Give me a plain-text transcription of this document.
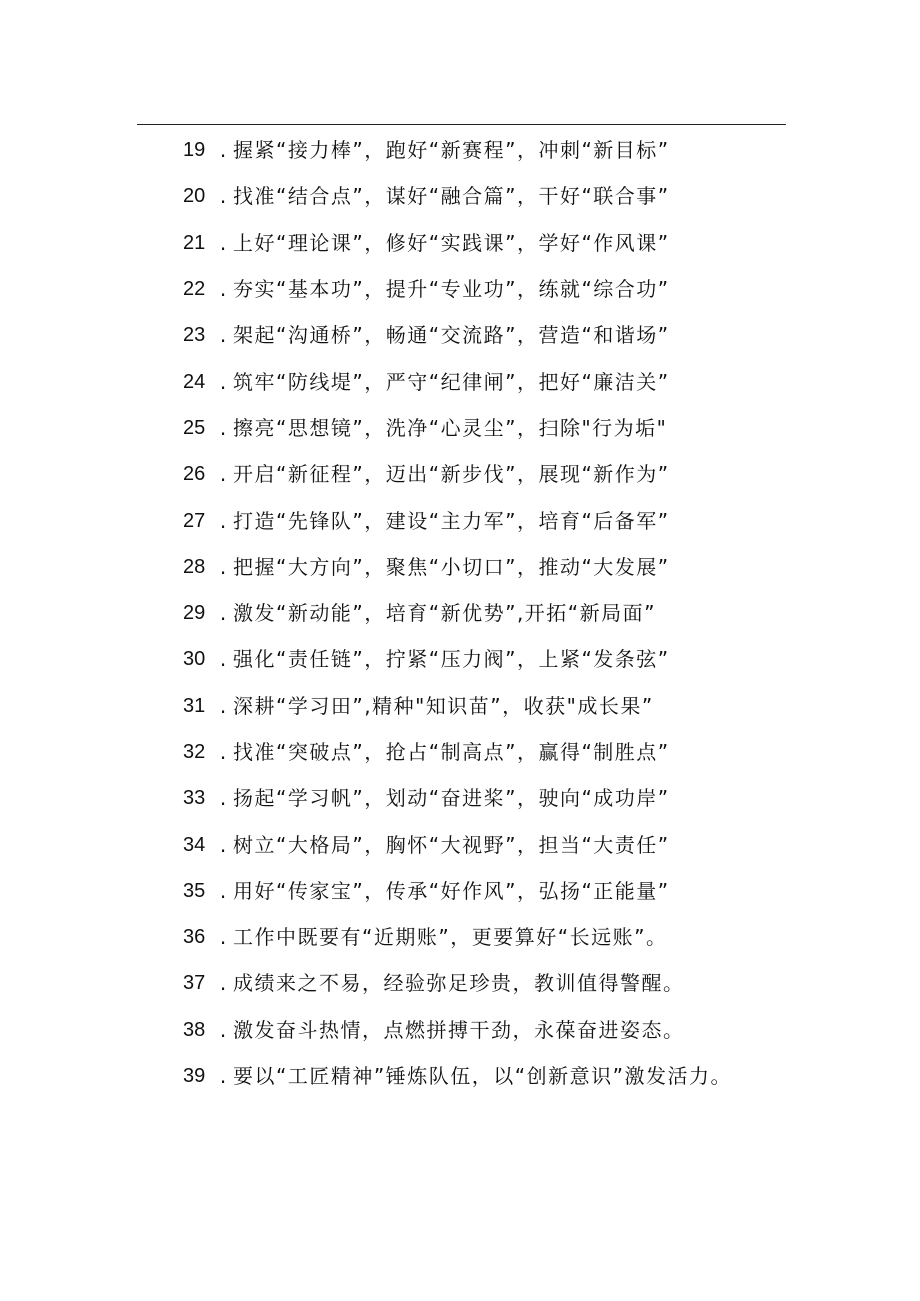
19 . 握紧“接力棒”，跑好“新赛程”，冲刺“新目标”
20 . 找准“结合点”，谋好“融合篇”，干好“联合事”
21 . 上好“理论课”，修好“实践课”，学好“作风课”
22 . 夯实“基本功”，提升“专业功”，练就“综合功”
23 . 架起“沟通桥”，畅通“交流路”，营造“和谐场”
24 . 筑牢“防线堤”，严守“纪律闸”，把好“廉洁关”
25 . 擦亮“思想镜”，洗净“心灵尘”，扫除"行为垢"
26 . 开启“新征程”，迈出“新步伐”，展现“新作为”
27 . 打造“先锋队”，建设“主力军”，培育“后备军”
28 . 把握“大方向”，聚焦“小切口”，推动“大发展”
29 . 激发“新动能”，培育“新优势”,开拓“新局面”
30 . 强化“责任链”，拧紧“压力阀”，上紧“发条弦”
31 . 深耕“学习田”,精种"知识苗”，收获"成长果”
32 . 找准“突破点”，抢占“制高点”，赢得“制胜点”
33 . 扬起“学习帆”，划动“奋进桨”，驶向“成功岸”
34 . 树立“大格局”，胸怀“大视野”，担当“大责任”
35 . 用好“传家宝”，传承“好作风”，弘扬“正能量”
36 . 工作中既要有“近期账”，更要算好“长远账”。
37 . 成绩来之不易，经验弥足珍贵，教训值得警醒。
38 . 激发奋斗热情，点燃拼搏干劲，永葆奋进姿态。
39 . 要以“工匠精神”锤炼队伍，以“创新意识”激发活力。
